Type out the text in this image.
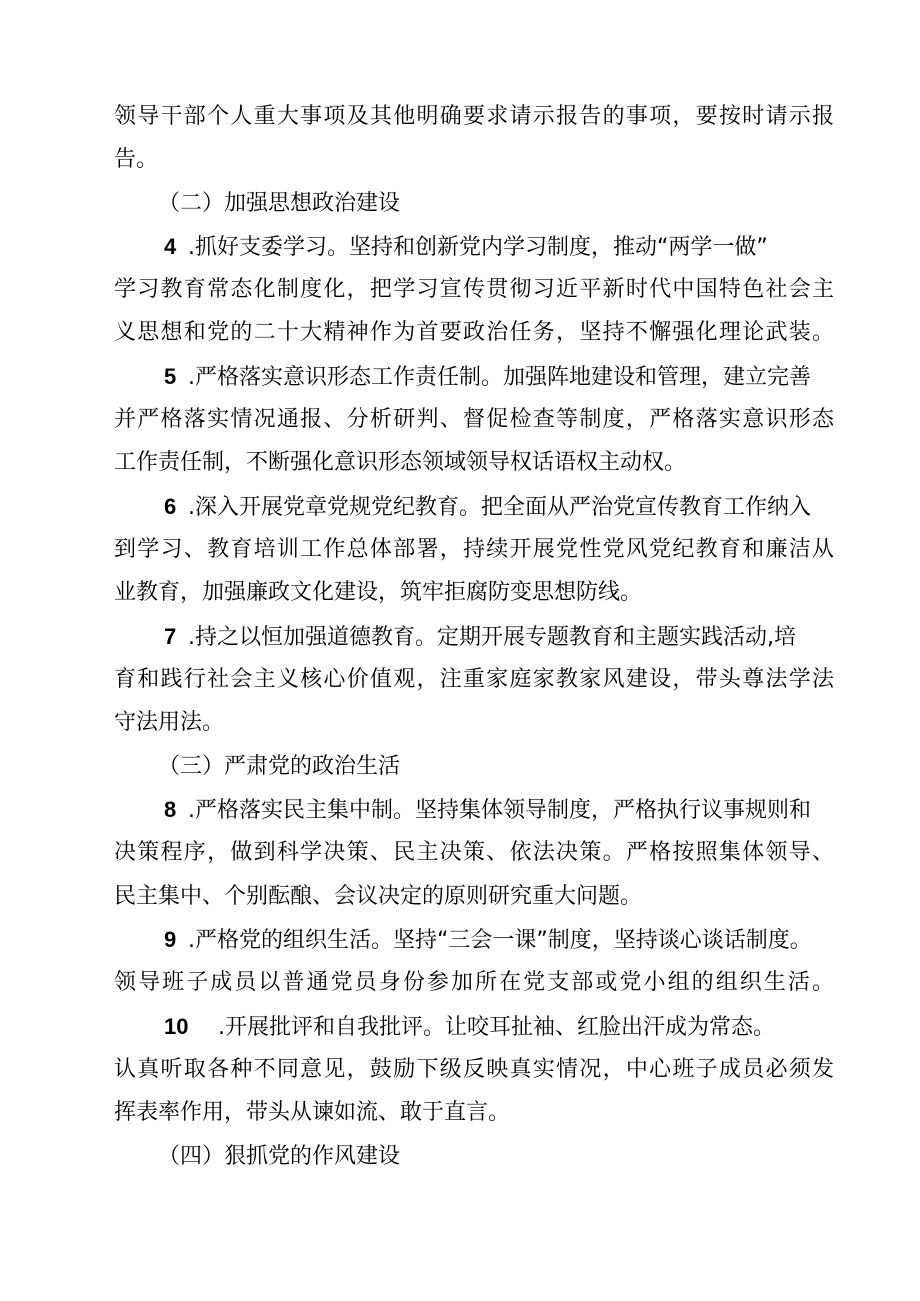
领导干部个人重大事项及其他明确要求请示报告的事项，要按时请示报
告。
（二）加强思想政治建设
4 .抓好支委学习。坚持和创新党内学习制度，推动“两学一做”
学习教育常态化制度化，把学习宣传贯彻习近平新时代中国特色社会主
义思想和党的二十大精神作为首要政治任务，坚持不懈强化理论武装。
5 .严格落实意识形态工作责任制。加强阵地建设和管理，建立完善
并严格落实情况通报、分析研判、督促检查等制度，严格落实意识形态
工作责任制，不断强化意识形态领域领导权话语权主动权。
6 .深入开展党章党规党纪教育。把全面从严治党宣传教育工作纳入
到学习、教育培训工作总体部署，持续开展党性党风党纪教育和廉洁从
业教育，加强廉政文化建设，筑牢拒腐防变思想防线。
7 .持之以恒加强道德教育。定期开展专题教育和主题实践活动,培
育和践行社会主义核心价值观，注重家庭家教家风建设，带头尊法学法
守法用法。
（三）严肃党的政治生活
8 .严格落实民主集中制。坚持集体领导制度，严格执行议事规则和
决策程序，做到科学决策、民主决策、依法决策。严格按照集体领导、
民主集中、个别酝酿、会议决定的原则研究重大问题。
9 .严格党的组织生活。坚持“三会一课”制度，坚持谈心谈话制度。
领导班子成员以普通党员身份参加所在党支部或党小组的组织生活。
10 .开展批评和自我批评。让咬耳扯袖、红脸出汗成为常态。
认真听取各种不同意见，鼓励下级反映真实情况，中心班子成员必须发
挥表率作用，带头从谏如流、敢于直言。
（四）狠抓党的作风建设
